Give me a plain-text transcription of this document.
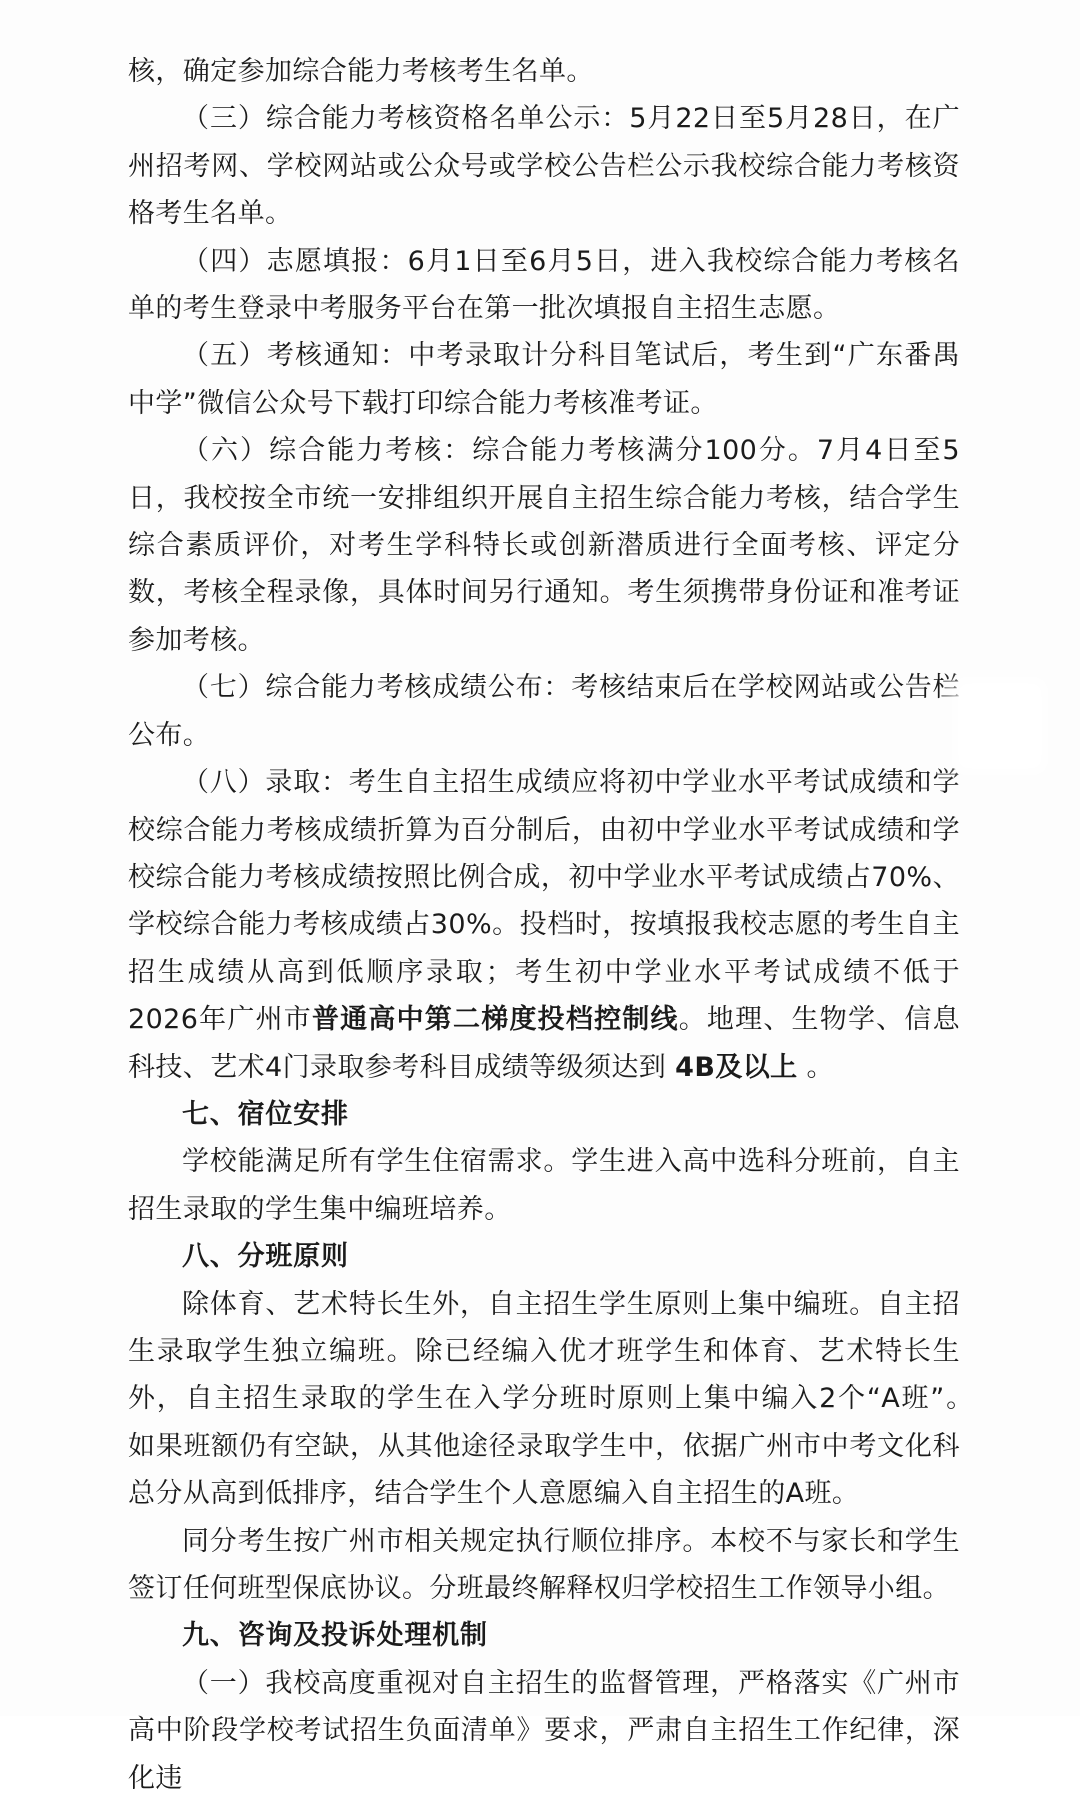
核，确定参加综合能力考核考生名单。

（三）综合能力考核资格名单公示：5月22日至5月28日，在广州招考网、学校网站或公众号或学校公告栏公示我校综合能力考核资格考生名单。

（四）志愿填报：6月1日至6月5日，进入我校综合能力考核名单的考生登录中考服务平台在第一批次填报自主招生志愿。

（五）考核通知：中考录取计分科目笔试后，考生到“广东番禺中学”微信公众号下载打印综合能力考核准考证。

（六）综合能力考核：综合能力考核满分100分。7月4日至5日，我校按全市统一安排组织开展自主招生综合能力考核，结合学生综合素质评价，对考生学科特长或创新潜质进行全面考核、评定分数，考核全程录像，具体时间另行通知。考生须携带身份证和准考证参加考核。

（七）综合能力考核成绩公布：考核结束后在学校网站或公告栏公布。

（八）录取：考生自主招生成绩应将初中学业水平考试成绩和学校综合能力考核成绩折算为百分制后，由初中学业水平考试成绩和学校综合能力考核成绩按照比例合成，初中学业水平考试成绩占70%、学校综合能力考核成绩占30%。投档时，按填报我校志愿的考生自主招生成绩从高到低顺序录取；考生初中学业水平考试成绩不低于2026年广州市普通高中第二梯度投档控制线。地理、生物学、信息科技、艺术4门录取参考科目成绩等级须达到 4B及以上 。

七、宿位安排

学校能满足所有学生住宿需求。学生进入高中选科分班前，自主招生录取的学生集中编班培养。

八、分班原则

除体育、艺术特长生外，自主招生学生原则上集中编班。自主招生录取学生独立编班。除已经编入优才班学生和体育、艺术特长生外，自主招生录取的学生在入学分班时原则上集中编入2个“A班”。　如果班额仍有空缺，从其他途径录取学生中，依据广州市中考文化科总分从高到低排序，结合学生个人意愿编入自主招生的A班。

同分考生按广州市相关规定执行顺位排序。本校不与家长和学生签订任何班型保底协议。分班最终解释权归学校招生工作领导小组。

九、咨询及投诉处理机制

（一）我校高度重视对自主招生的监督管理，严格落实《广州市高中阶段学校考试招生负面清单》要求，严肃自主招生工作纪律，深化违
